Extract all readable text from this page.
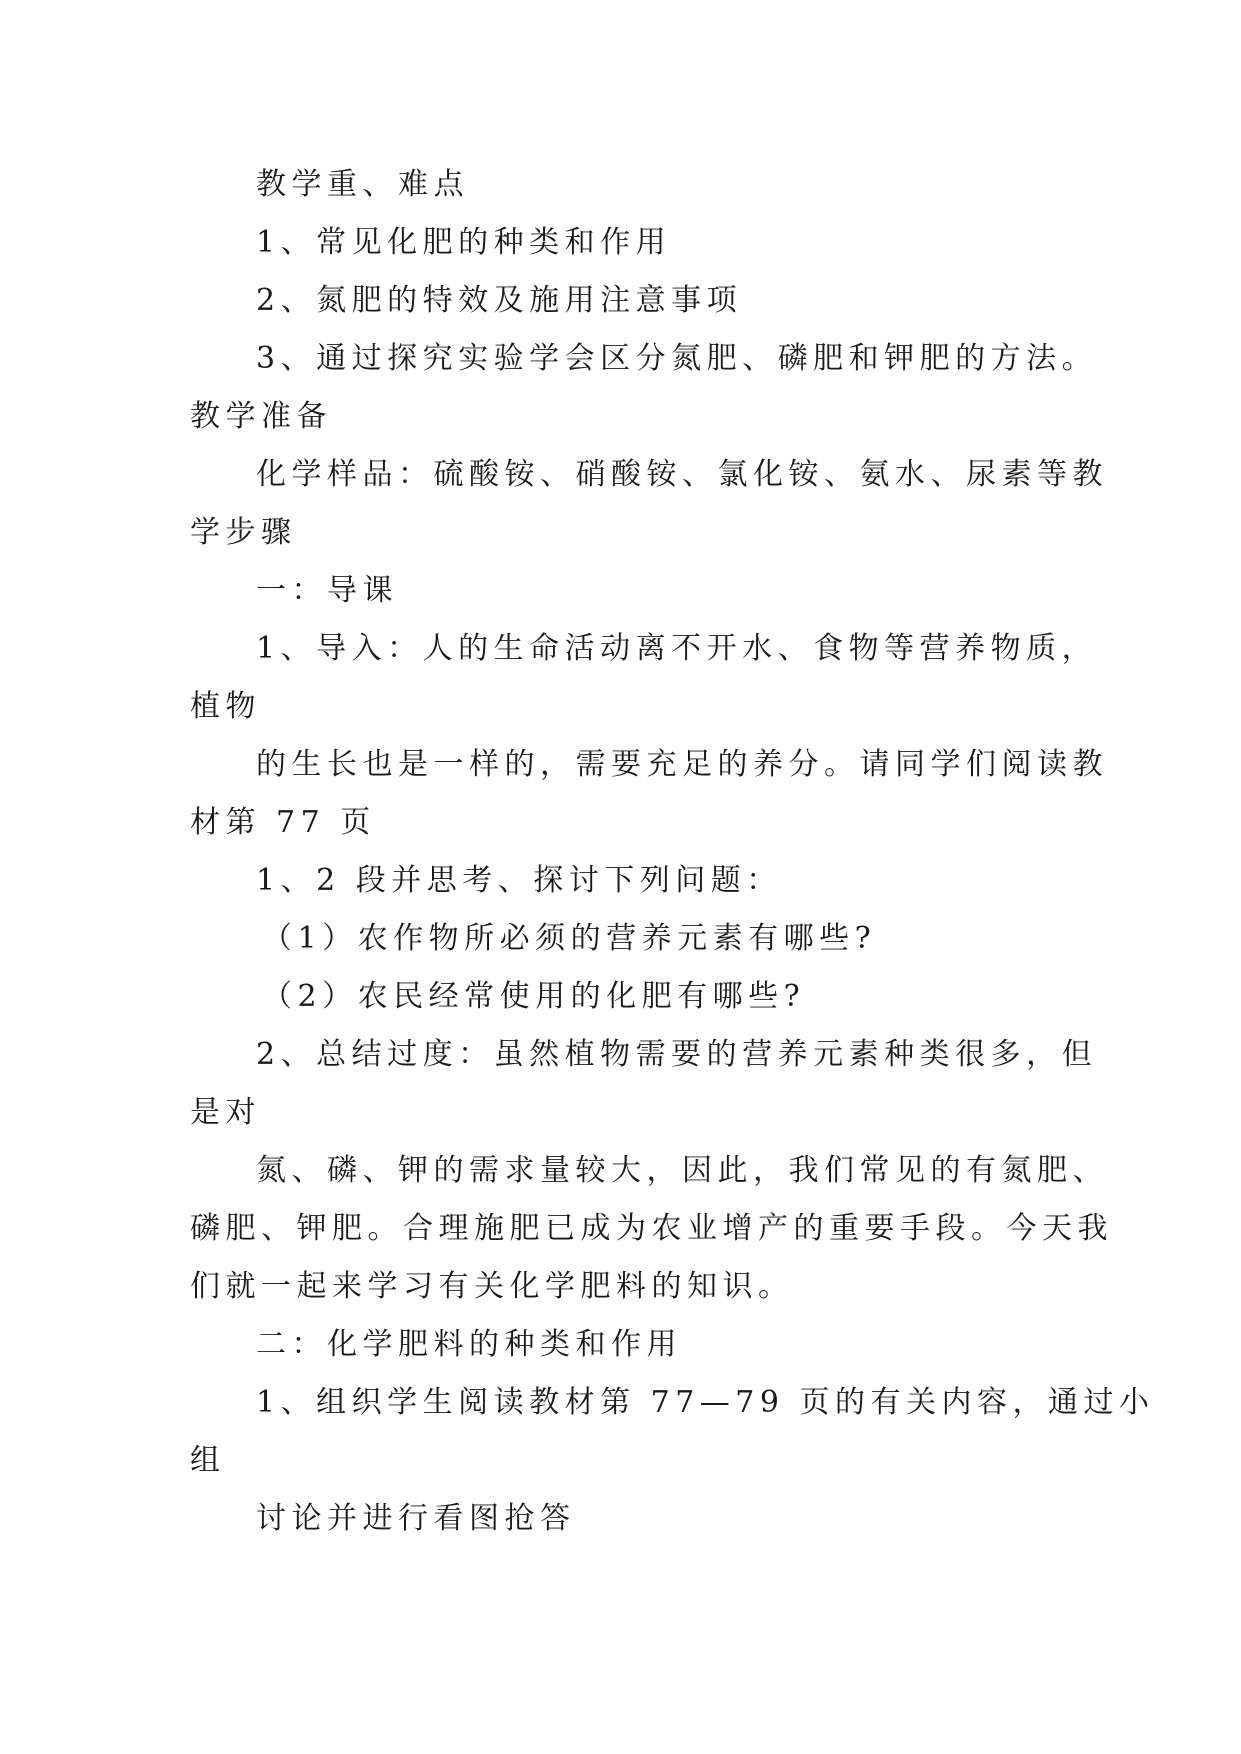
教学重、难点
1、常见化肥的种类和作用
2、氮肥的特效及施用注意事项
3、通过探究实验学会区分氮肥、磷肥和钾肥的方法。
教学准备
化学样品：硫酸铵、硝酸铵、氯化铵、氨水、尿素等教
学步骤
一：导课
1、导入：人的生命活动离不开水、食物等营养物质，
植物
的生长也是一样的，需要充足的养分。请同学们阅读教
材第 77 页
1、2 段并思考、探讨下列问题：
（1）农作物所必须的营养元素有哪些?
（2）农民经常使用的化肥有哪些?
2、总结过度：虽然植物需要的营养元素种类很多，但
是对
氮、磷、钾的需求量较大，因此，我们常见的有氮肥、
磷肥、钾肥。合理施肥已成为农业增产的重要手段。今天我
们就一起来学习有关化学肥料的知识。
二：化学肥料的种类和作用
1、组织学生阅读教材第 77—79 页的有关内容，通过小
组
讨论并进行看图抢答
